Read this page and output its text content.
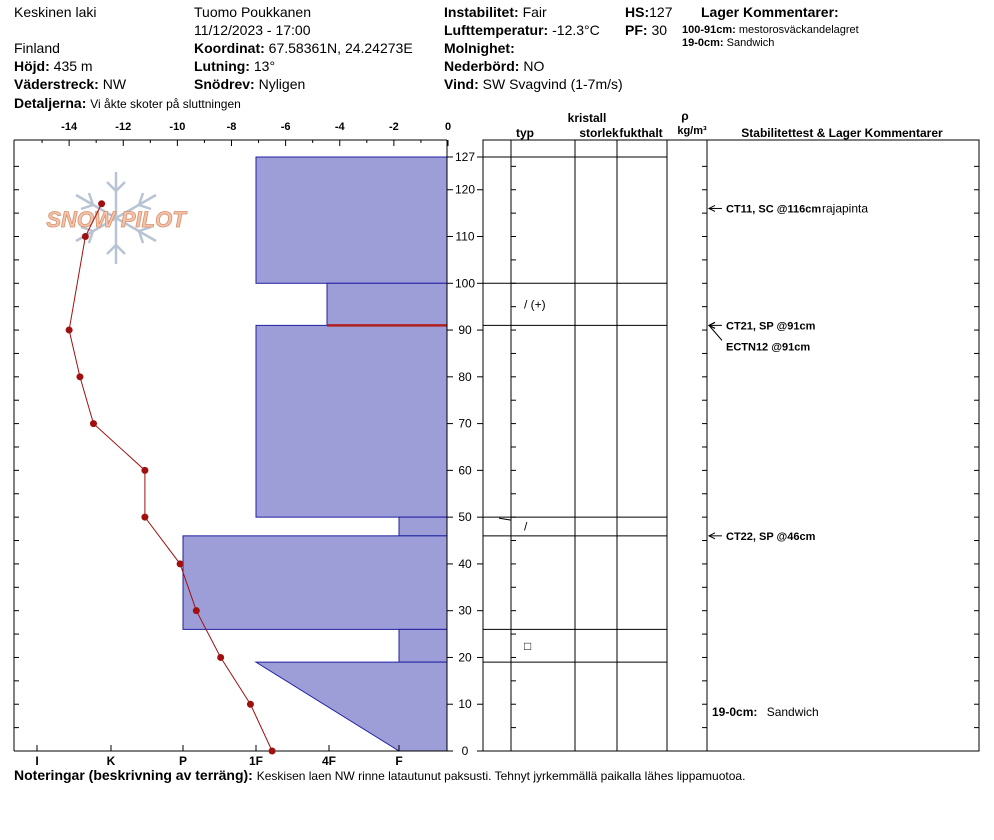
Keskinen laki	Tuomo Poukkanen
11/12/2023 - 17:00
Finland	Koordinat: 67.58361N, 24.24273E
Höjd: 435 m	Lutning: 13°
Väderstreck: NW	Snödrev: Nyligen
Detaljerna: Vi åkte skoter på sluttningen
Instabilitet: Fair
Lufttemperatur: -12.3°C
Molnighet:
Nederbörd: NO
Vind: SW Svagvind (1-7m/s)
HS:127
PF: 30
Lager Kommentarer:
100-91cm: mestorosväckandelagret
19-0cm: Sandwich
-14	-12	-10	-8	-6	-4	-2	0
0
10
20
30
40
50
60
70
80
90
100
110
120
127
I	K	P	1F	4F	F
SNOW PILOT
/ (+)
/
□
CT11, SC @116cm rajapinta
CT21, SP @91cm
ECTN12 @91cm
CT22, SP @46cm
kristall
typ	storlek fukthalt
ρ
kg/m³	Stabilitettest & Lager Kommentarer
19-0cm: Sandwich
Noteringar (beskrivning av terräng): Keskisen laen NW rinne latautunut paksusti. Tehnyt jyrkemmällä paikalla lähes lippamuotoa.
